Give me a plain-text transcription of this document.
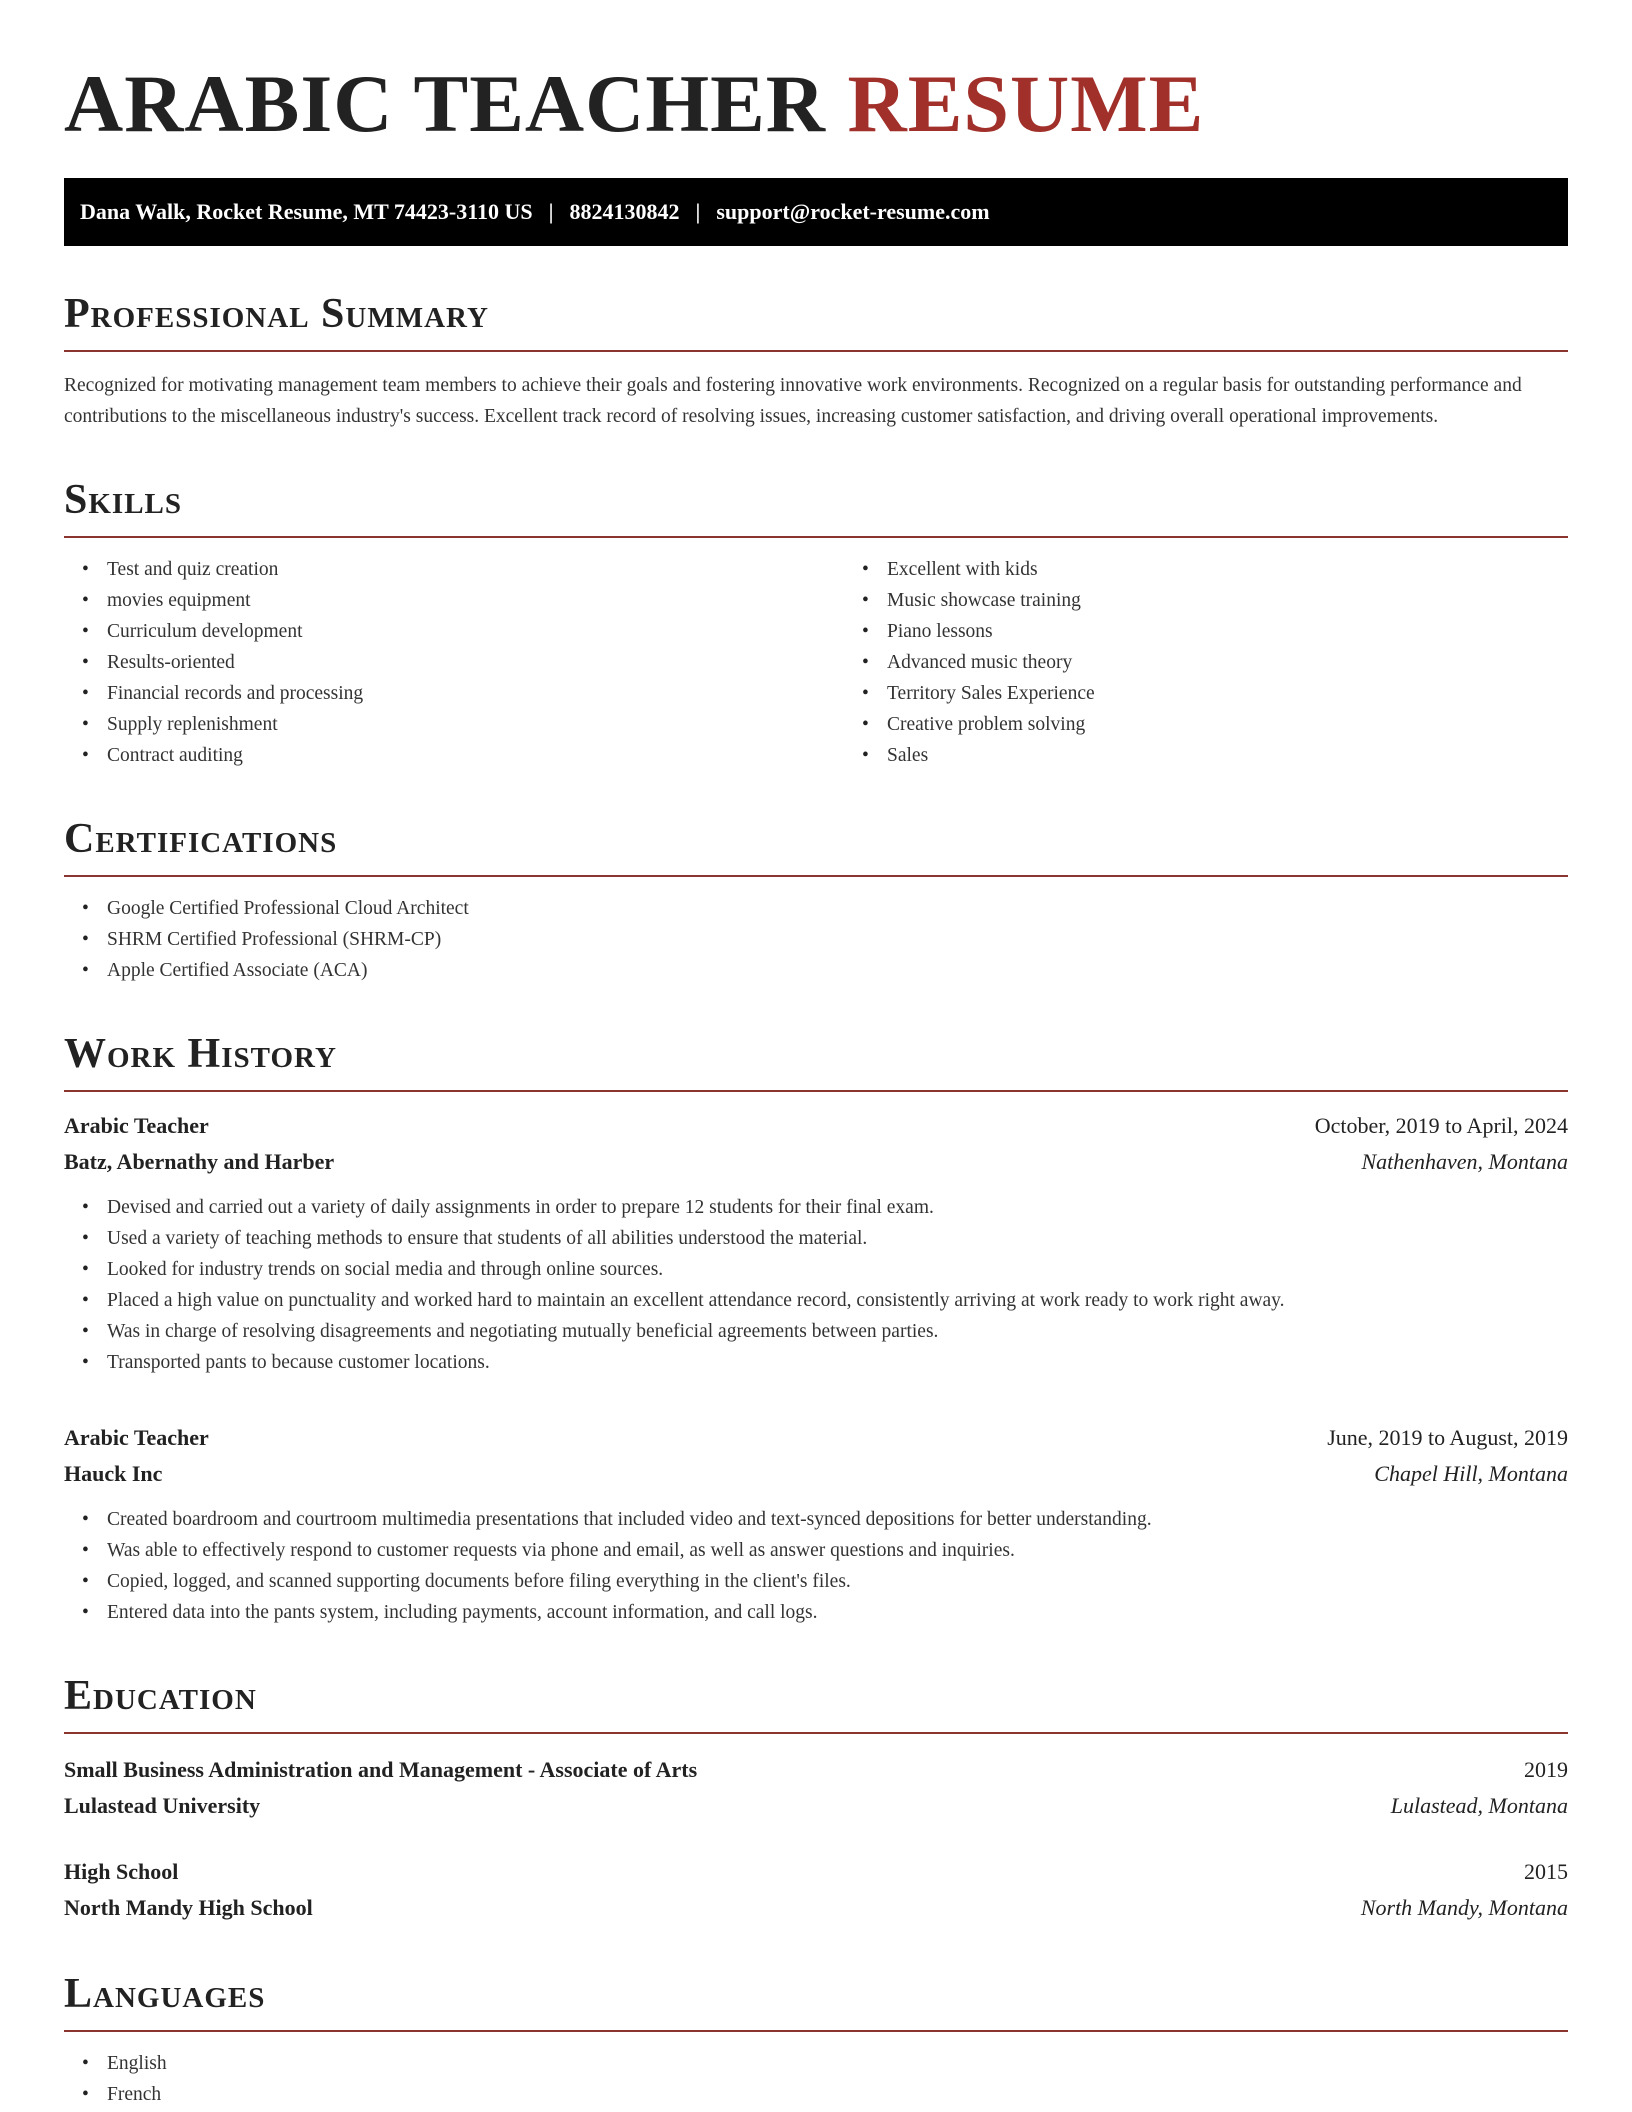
ARABIC TEACHER RESUME
Dana Walk, Rocket Resume, MT 74423-3110 US | 8824130842 | support@rocket-resume.com
Professional Summary

Recognized for motivating management team members to achieve their goals and fostering innovative work environments. Recognized on a regular basis for outstanding performance and contributions to the miscellaneous industry's success. Excellent track record of resolving issues, increasing customer satisfaction, and driving overall operational improvements.

Skills
• Test and quiz creation
• movies equipment
• Curriculum development
• Results-oriented
• Financial records and processing
• Supply replenishment
• Contract auditing
• Excellent with kids
• Music showcase training
• Piano lessons
• Advanced music theory
• Territory Sales Experience
• Creative problem solving
• Sales
Certifications
• Google Certified Professional Cloud Architect
• SHRM Certified Professional (SHRM-CP)
• Apple Certified Associate (ACA)
Work History
Arabic Teacher	October, 2019 to April, 2024
Batz, Abernathy and Harber	Nathenhaven, Montana
• Devised and carried out a variety of daily assignments in order to prepare 12 students for their final exam.
• Used a variety of teaching methods to ensure that students of all abilities understood the material.
• Looked for industry trends on social media and through online sources.
• Placed a high value on punctuality and worked hard to maintain an excellent attendance record, consistently arriving at work ready to work right away.
• Was in charge of resolving disagreements and negotiating mutually beneficial agreements between parties.
• Transported pants to because customer locations.
Arabic Teacher	June, 2019 to August, 2019
Hauck Inc	Chapel Hill, Montana
• Created boardroom and courtroom multimedia presentations that included video and text-synced depositions for better understanding.
• Was able to effectively respond to customer requests via phone and email, as well as answer questions and inquiries.
• Copied, logged, and scanned supporting documents before filing everything in the client's files.
• Entered data into the pants system, including payments, account information, and call logs.
Education
Small Business Administration and Management - Associate of Arts	2019
Lulastead University	Lulastead, Montana
High School	2015
North Mandy High School	North Mandy, Montana
Languages
• English
• French
